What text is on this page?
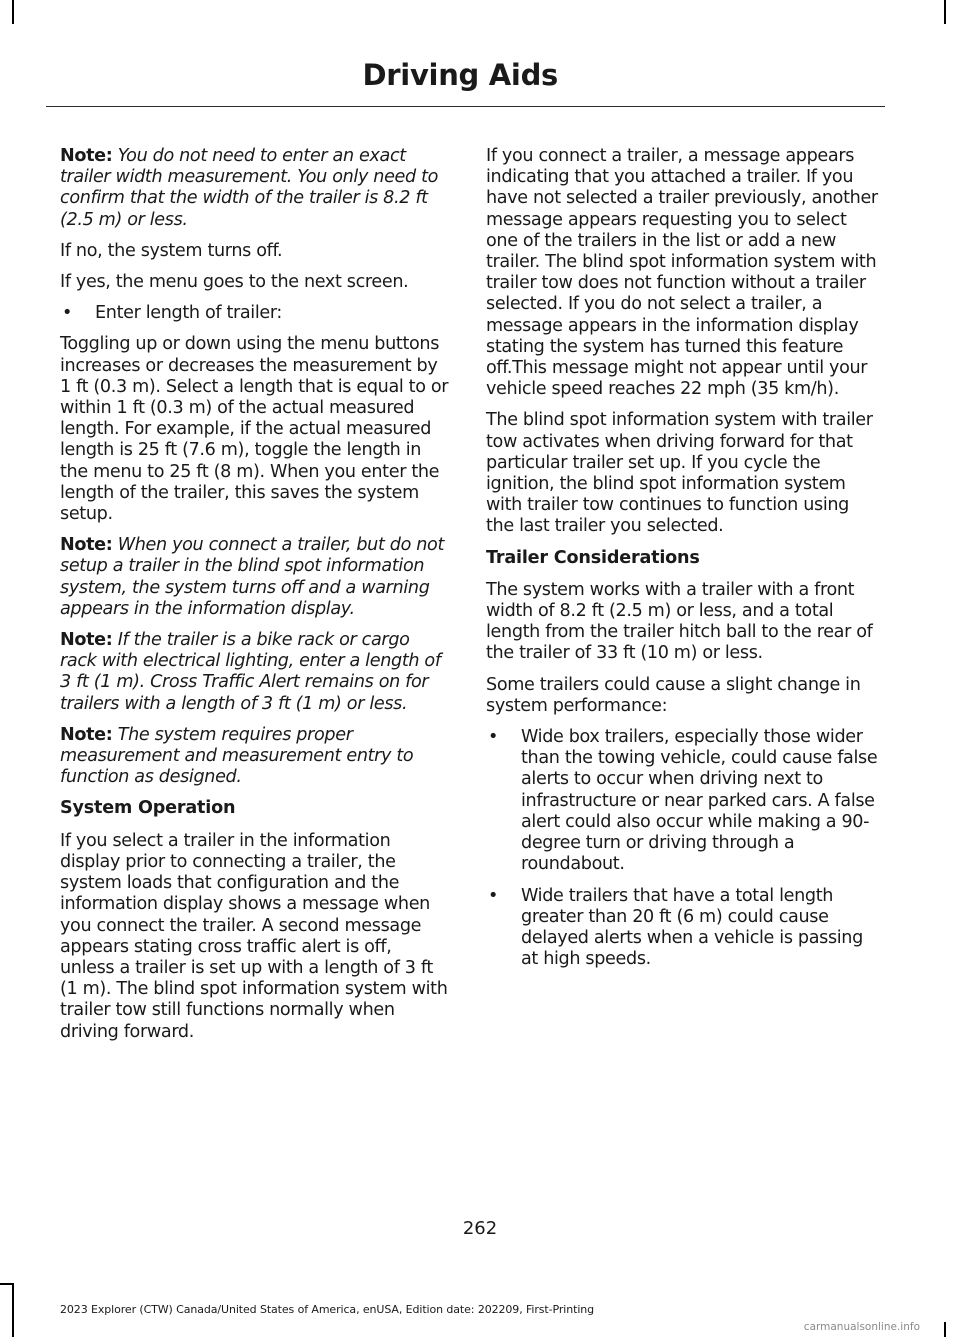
Driving Aids

Note: You do not need to enter an exact trailer width measurement. You only need to confirm that the width of the trailer is 8.2 ft (2.5 m) or less.

If no, the system turns off.

If yes, the menu goes to the next screen.

• Enter length of trailer:

Toggling up or down using the menu buttons increases or decreases the measurement by 1 ft (0.3 m). Select a length that is equal to or within 1 ft (0.3 m) of the actual measured length. For example, if the actual measured length is 25 ft (7.6 m), toggle the length in the menu to 25 ft (8 m). When you enter the length of the trailer, this saves the system setup.

Note: When you connect a trailer, but do not setup a trailer in the blind spot information system, the system turns off and a warning appears in the information display.

Note: If the trailer is a bike rack or cargo rack with electrical lighting, enter a length of 3 ft (1 m). Cross Traffic Alert remains on for trailers with a length of 3 ft (1 m) or less.

Note: The system requires proper measurement and measurement entry to function as designed.

System Operation

If you select a trailer in the information display prior to connecting a trailer, the system loads that configuration and the information display shows a message when you connect the trailer. A second message appears stating cross traffic alert is off, unless a trailer is set up with a length of 3 ft (1 m). The blind spot information system with trailer tow still functions normally when driving forward.

If you connect a trailer, a message appears indicating that you attached a trailer. If you have not selected a trailer previously, another message appears requesting you to select one of the trailers in the list or add a new trailer. The blind spot information system with trailer tow does not function without a trailer selected. If you do not select a trailer, a message appears in the information display stating the system has turned this feature off.This message might not appear until your vehicle speed reaches 22 mph (35 km/h).

The blind spot information system with trailer tow activates when driving forward for that particular trailer set up. If you cycle the ignition, the blind spot information system with trailer tow continues to function using the last trailer you selected.

Trailer Considerations

The system works with a trailer with a front width of 8.2 ft (2.5 m) or less, and a total length from the trailer hitch ball to the rear of the trailer of 33 ft (10 m) or less.

Some trailers could cause a slight change in system performance:

• Wide box trailers, especially those wider than the towing vehicle, could cause false alerts to occur when driving next to infrastructure or near parked cars. A false alert could also occur while making a 90-degree turn or driving through a roundabout.
• Wide trailers that have a total length greater than 20 ft (6 m) could cause delayed alerts when a vehicle is passing at high speeds.
262
2023 Explorer (CTW) Canada/United States of America, enUSA, Edition date: 202209, First-Printing
carmanualsonline.info
